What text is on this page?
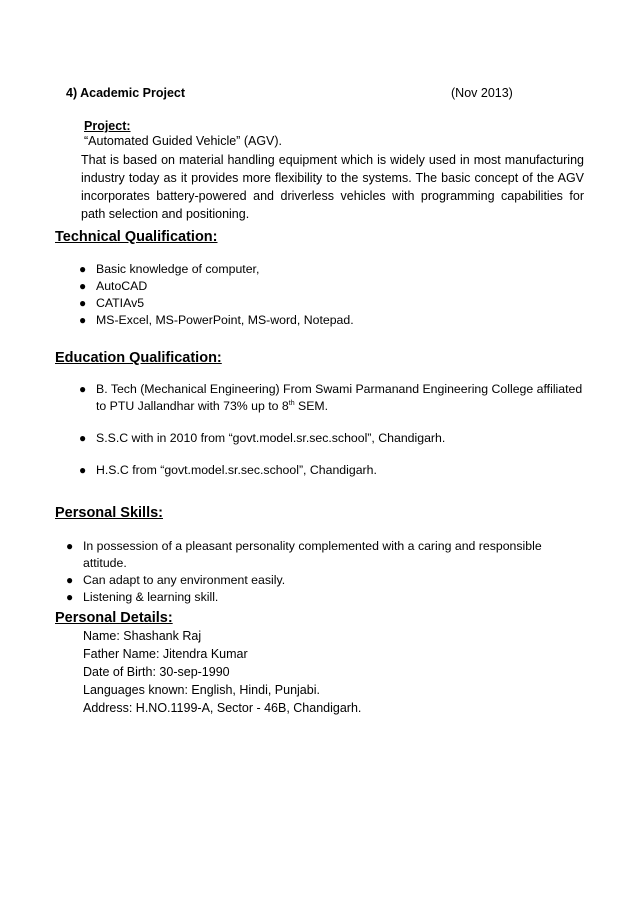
4) Academic Project	(Nov 2013)
Project:
“Automated Guided Vehicle” (AGV).

That is based on material handling equipment which is widely used in most manufacturing industry today as it provides more flexibility to the systems. The basic concept of the AGV incorporates battery-powered and driverless vehicles with programming capabilities for path selection and positioning.

Technical Qualification:
● Basic knowledge of computer,
● AutoCAD
● CATIAv5
● MS-Excel, MS-PowerPoint, MS-word, Notepad.
Education Qualification:
● B. Tech (Mechanical Engineering) From Swami Parmanand Engineering College affiliated to PTU Jallandhar with 73% up to 8th SEM.
● S.S.C with in 2010 from “govt.model.sr.sec.school”, Chandigarh.
● H.S.C from “govt.model.sr.sec.school”, Chandigarh.
Personal Skills:
● In possession of a pleasant personality complemented with a caring and responsible attitude.
● Can adapt to any environment easily.
● Listening & learning skill.
Personal Details:
Name: Shashank Raj
Father Name: Jitendra Kumar
Date of Birth: 30-sep-1990
Languages known: English, Hindi, Punjabi.
Address: H.NO.1199-A, Sector - 46B, Chandigarh.
